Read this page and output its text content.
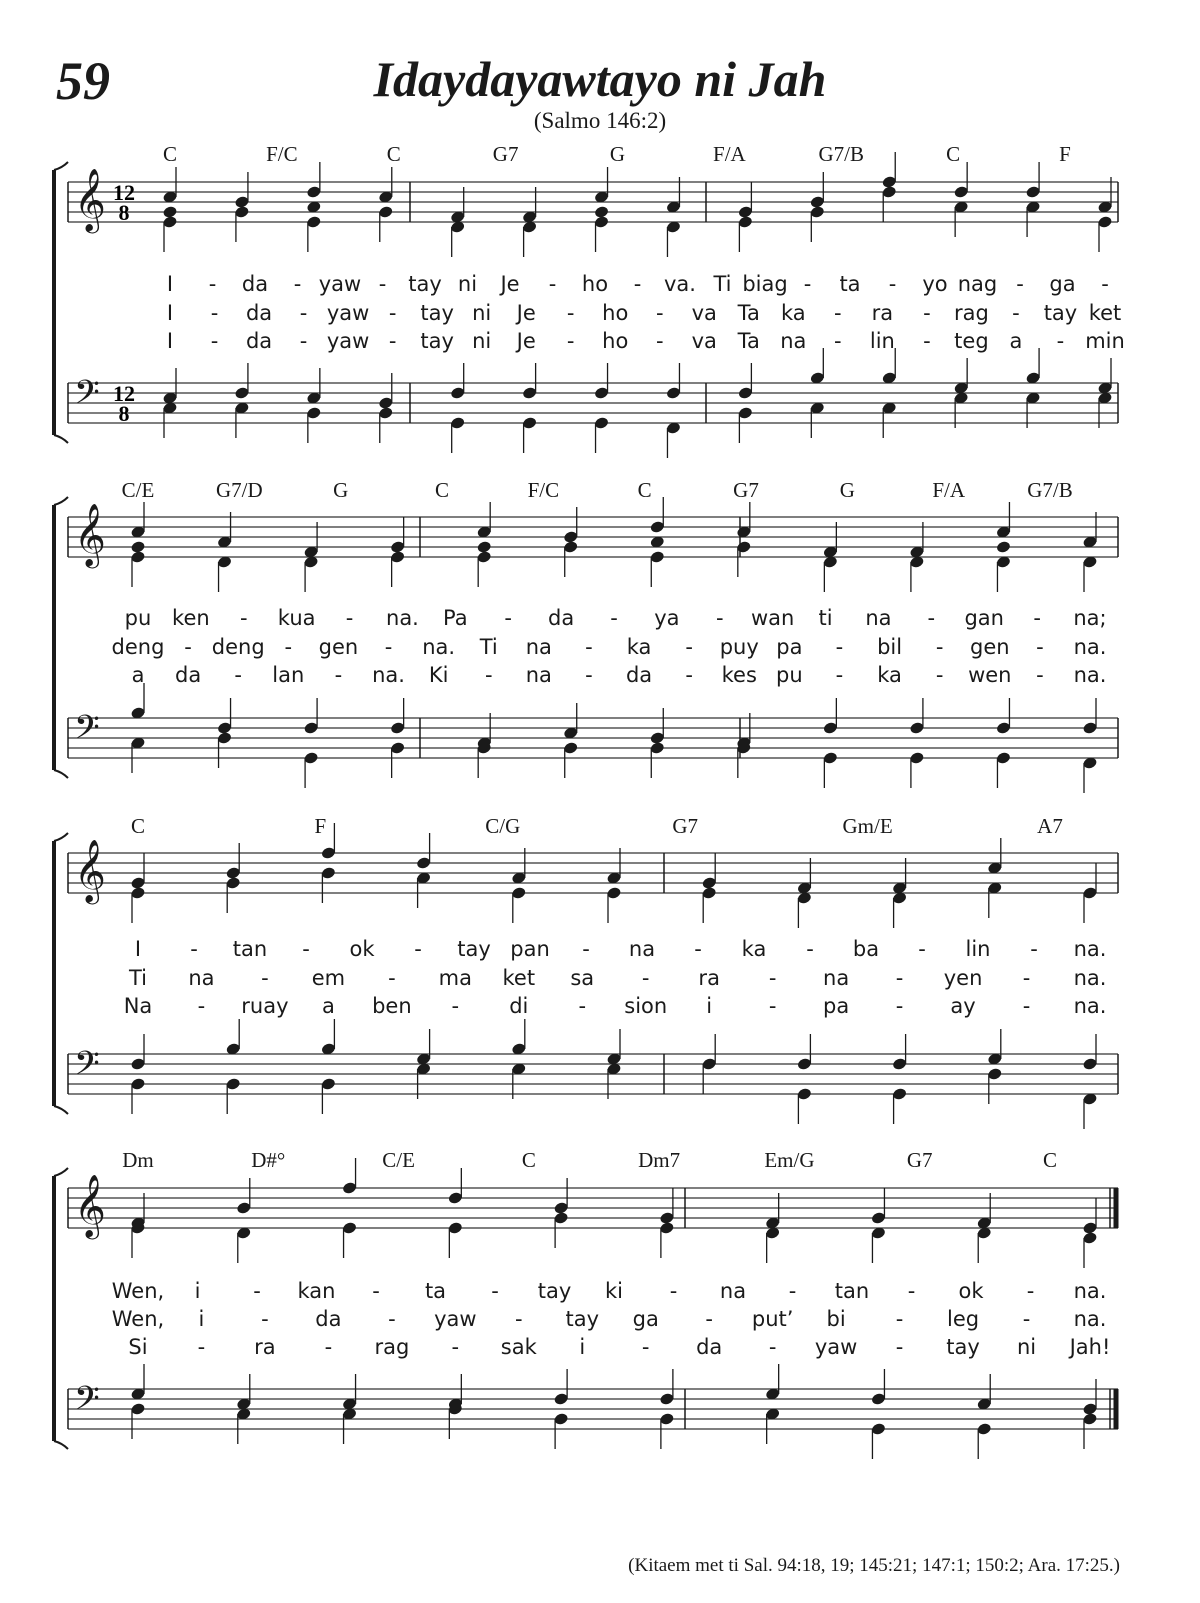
59	Idaydayawtayo ni Jah
(Salmo 146:2)
𝄞 12
8
𝄢 12
8
𝄞
𝄢
𝄞
𝄢
𝄞
𝄢
C	F/C	C	G7	G	F/A	G7/B	C	F
I - da - yaw - tay ni Je - ho - va. Ti biag - ta - yo nag - ga -
I - da - yaw - tay ni Je - ho - va Ta ka - ra - rag - tay ket
I - da - yaw - tay ni Je - ho - va Ta na - lin - teg a - min
C/E	G7/D	G	C	F/C	C	G7	G	F/A	G7/B
pu ken - kua - na. Pa - da - ya - wan ti na - gan - na;
deng - deng - gen - na. Ti na - ka - puy pa - bil - gen - na.
a da - lan - na. Ki - na - da - kes pu - ka - wen - na.
C	F	C/G	G7	Gm/E	A7
I - tan - ok - tay pan - na - ka - ba - lin - na.
Ti na - em - ma ket sa - ra - na - yen - na.
Na - ruay a ben - di - sion i	- pa - ay - na.
Dm	D#°	C/E	C	Dm7	Em/G	G7	C
Wen, i	- kan - ta - tay ki - na - tan - ok - na.
Wen, i	- da - yaw - tay ga - put’ bi - leg - na.
Si - ra - rag - sak i	- da - yaw - tay ni Jah!
(Kitaem met ti Sal. 94:18, 19; 145:21; 147:1; 150:2; Ara. 17:25.)
